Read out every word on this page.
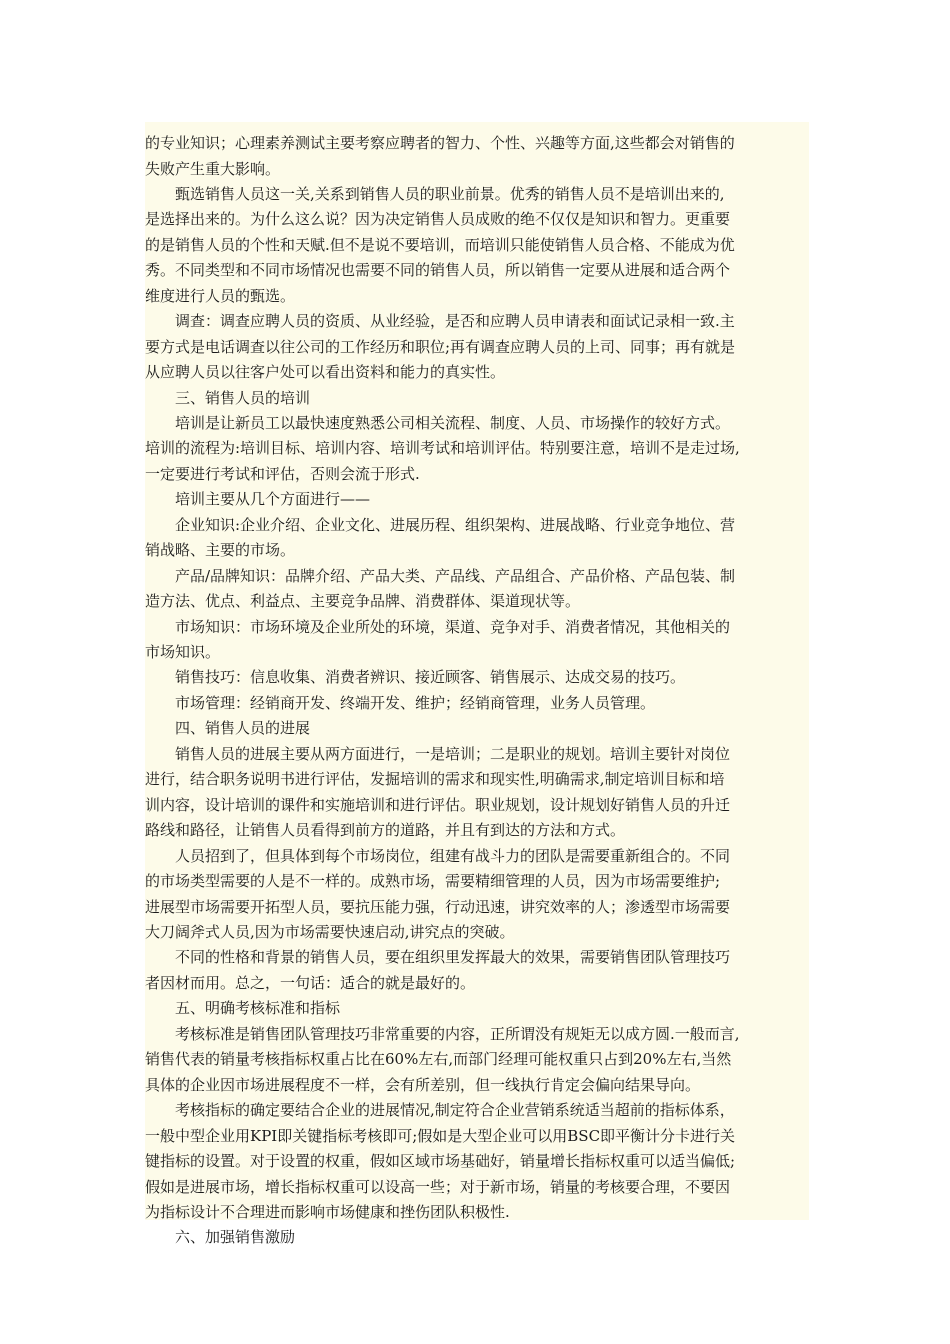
的专业知识；心理素养测试主要考察应聘者的智力、个性、兴趣等方面,这些都会对销售的
失败产生重大影响。
甄选销售人员这一关,关系到销售人员的职业前景。优秀的销售人员不是培训出来的,
是选择出来的。为什么这么说？因为决定销售人员成败的绝不仅仅是知识和智力。更重要
的是销售人员的个性和天赋.但不是说不要培训，而培训只能使销售人员合格、不能成为优
秀。不同类型和不同市场情况也需要不同的销售人员，所以销售一定要从进展和适合两个
维度进行人员的甄选。
调查：调查应聘人员的资质、从业经验，是否和应聘人员申请表和面试记录相一致.主
要方式是电话调查以往公司的工作经历和职位;再有调查应聘人员的上司、同事；再有就是
从应聘人员以往客户处可以看出资料和能力的真实性。
三、销售人员的培训
培训是让新员工以最快速度熟悉公司相关流程、制度、人员、市场操作的较好方式。
培训的流程为:培训目标、培训内容、培训考试和培训评估。特别要注意，培训不是走过场,
一定要进行考试和评估，否则会流于形式.
培训主要从几个方面进行——
企业知识:企业介绍、企业文化、进展历程、组织架构、进展战略、行业竞争地位、营
销战略、主要的市场。
产品/品牌知识：品牌介绍、产品大类、产品线、产品组合、产品价格、产品包装、制
造方法、优点、利益点、主要竞争品牌、消费群体、渠道现状等。
市场知识：市场环境及企业所处的环境，渠道、竞争对手、消费者情况，其他相关的
市场知识。
销售技巧：信息收集、消费者辨识、接近顾客、销售展示、达成交易的技巧。
市场管理：经销商开发、终端开发、维护；经销商管理，业务人员管理。
四、销售人员的进展
销售人员的进展主要从两方面进行，一是培训；二是职业的规划。培训主要针对岗位
进行，结合职务说明书进行评估，发掘培训的需求和现实性,明确需求,制定培训目标和培
训内容，设计培训的课件和实施培训和进行评估。职业规划，设计规划好销售人员的升迁
路线和路径，让销售人员看得到前方的道路，并且有到达的方法和方式。
人员招到了，但具体到每个市场岗位，组建有战斗力的团队是需要重新组合的。不同
的市场类型需要的人是不一样的。成熟市场，需要精细管理的人员，因为市场需要维护;
进展型市场需要开拓型人员，要抗压能力强，行动迅速，讲究效率的人；渗透型市场需要
大刀阔斧式人员,因为市场需要快速启动,讲究点的突破。
不同的性格和背景的销售人员，要在组织里发挥最大的效果，需要销售团队管理技巧
者因材而用。总之，一句话：适合的就是最好的。
五、明确考核标准和指标
考核标准是销售团队管理技巧非常重要的内容，正所谓没有规矩无以成方圆.一般而言,
销售代表的销量考核指标权重占比在60%左右,而部门经理可能权重只占到20%左右,当然
具体的企业因市场进展程度不一样，会有所差别，但一线执行肯定会偏向结果导向。
考核指标的确定要结合企业的进展情况,制定符合企业营销系统适当超前的指标体系，
一般中型企业用KPI即关键指标考核即可;假如是大型企业可以用BSC即平衡计分卡进行关
键指标的设置。对于设置的权重，假如区域市场基础好，销量增长指标权重可以适当偏低;
假如是进展市场，增长指标权重可以设高一些；对于新市场，销量的考核要合理，不要因
为指标设计不合理进而影响市场健康和挫伤团队积极性.
六、加强销售激励
